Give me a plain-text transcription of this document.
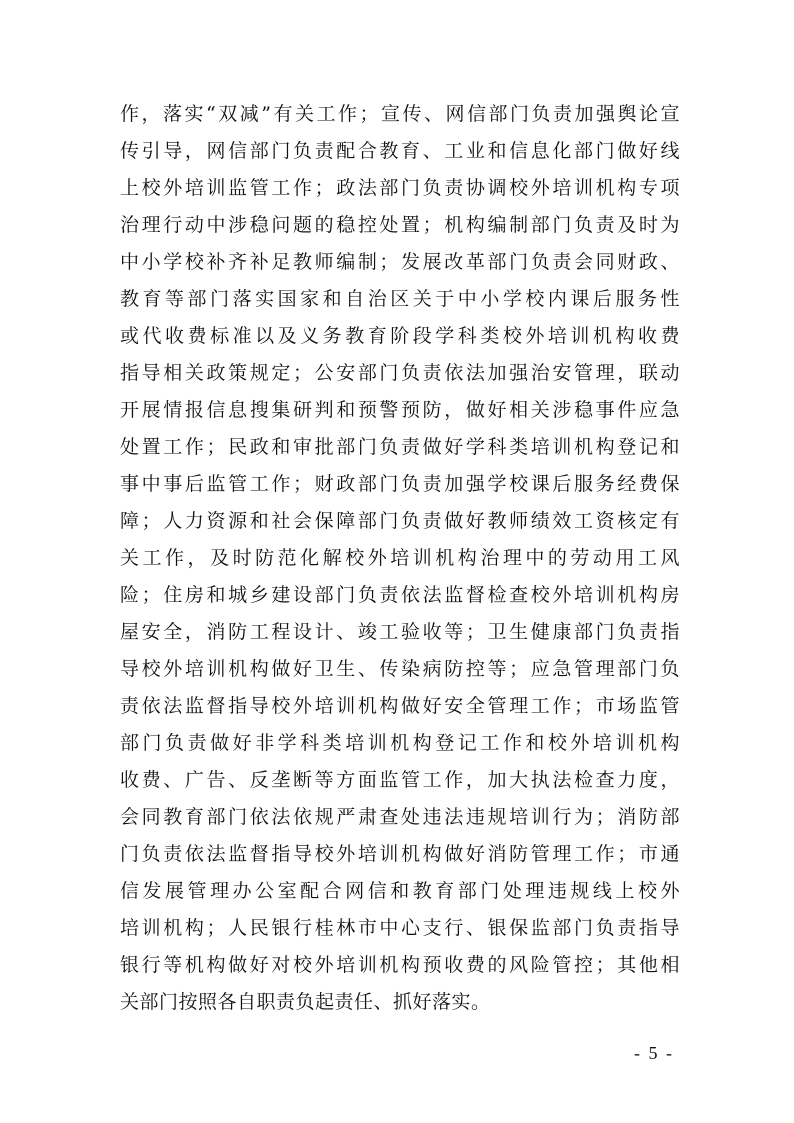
作，落实“双减”有关工作；宣传、网信部门负责加强舆论宣
传引导，网信部门负责配合教育、工业和信息化部门做好线
上校外培训监管工作；政法部门负责协调校外培训机构专项
治理行动中涉稳问题的稳控处置；机构编制部门负责及时为
中小学校补齐补足教师编制；发展改革部门负责会同财政、
教育等部门落实国家和自治区关于中小学校内课后服务性
或代收费标准以及义务教育阶段学科类校外培训机构收费
指导相关政策规定；公安部门负责依法加强治安管理，联动
开展情报信息搜集研判和预警预防，做好相关涉稳事件应急
处置工作；民政和审批部门负责做好学科类培训机构登记和
事中事后监管工作；财政部门负责加强学校课后服务经费保
障；人力资源和社会保障部门负责做好教师绩效工资核定有
关工作，及时防范化解校外培训机构治理中的劳动用工风
险；住房和城乡建设部门负责依法监督检查校外培训机构房
屋安全，消防工程设计、竣工验收等；卫生健康部门负责指
导校外培训机构做好卫生、传染病防控等；应急管理部门负
责依法监督指导校外培训机构做好安全管理工作；市场监管
部门负责做好非学科类培训机构登记工作和校外培训机构
收费、广告、反垄断等方面监管工作，加大执法检查力度，
会同教育部门依法依规严肃查处违法违规培训行为；消防部
门负责依法监督指导校外培训机构做好消防管理工作；市通
信发展管理办公室配合网信和教育部门处理违规线上校外
培训机构；人民银行桂林市中心支行、银保监部门负责指导
银行等机构做好对校外培训机构预收费的风险管控；其他相
关部门按照各自职责负起责任、抓好落实。
- 5 -
